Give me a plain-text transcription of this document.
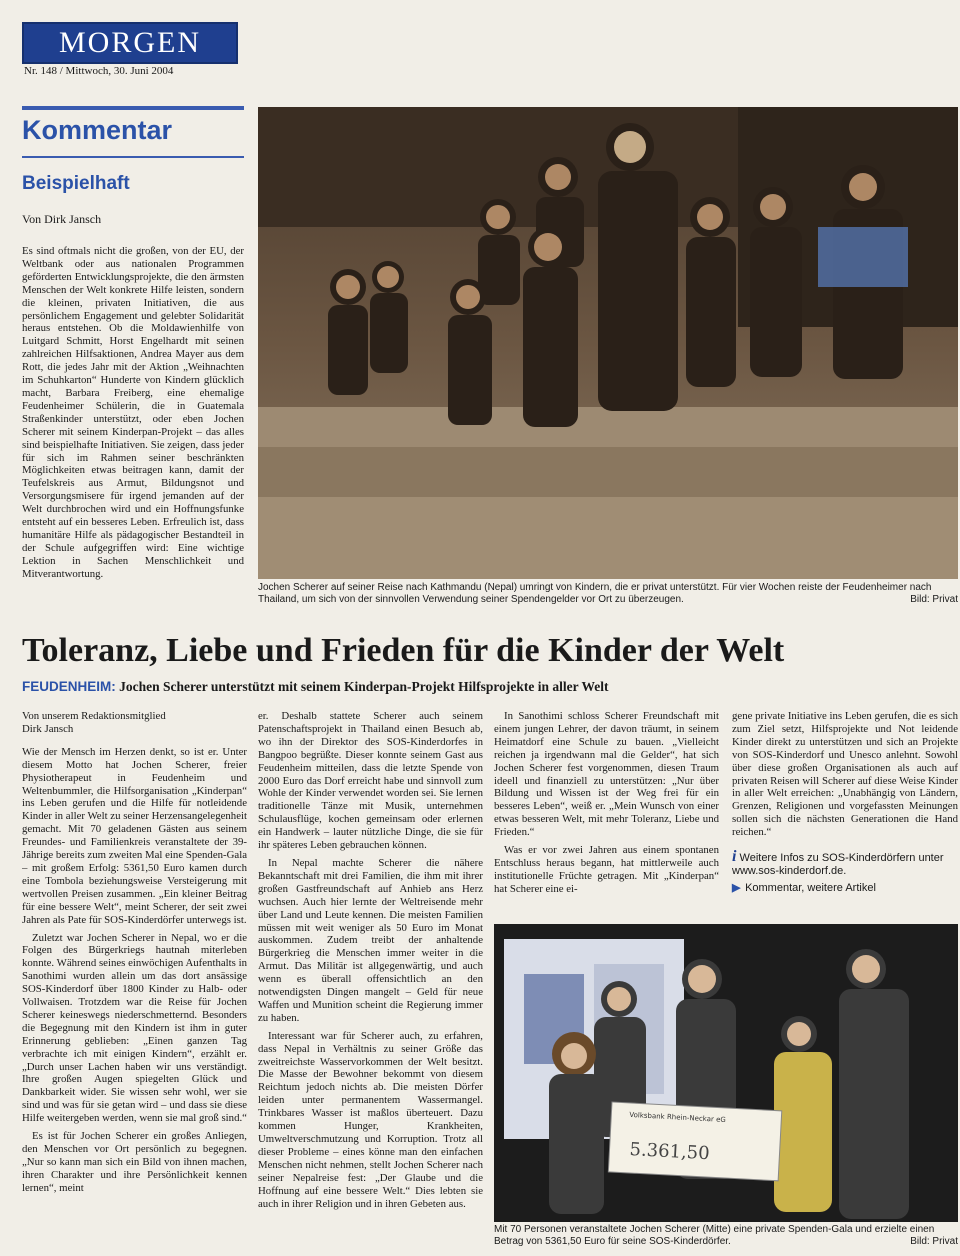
MORGEN
Nr. 148 / Mittwoch, 30. Juni 2004
Kommentar
Beispielhaft
Von Dirk Jansch

Es sind oftmals nicht die großen, von der EU, der Weltbank oder aus nationalen Programmen geförderten Entwicklungsprojekte, die den ärmsten Menschen der Welt konkrete Hilfe leisten, sondern die kleinen, privaten Initiativen, die aus persönlichem Engagement und gelebter Solidarität heraus entstehen. Ob die Moldawienhilfe von Luitgard Schmitt, Horst Engelhardt mit seinen zahlreichen Hilfsaktionen, Andrea Mayer aus dem Rott, die jedes Jahr mit der Aktion „Weihnachten im Schuhkarton“ Hunderte von Kindern glücklich macht, Barbara Freiberg, eine ehemalige Feudenheimer Schülerin, die in Guatemala Straßenkinder unterstützt, oder eben Jochen Scherer mit seinem Kinderpan-Projekt – das alles sind beispielhafte Initiativen. Sie zeigen, dass jeder für sich im Rahmen seiner beschränkten Möglichkeiten etwas beitragen kann, damit der Teufelskreis aus Armut, Bildungsnot und Versorgungsmisere für irgend jemanden auf der Welt durchbrochen wird und ein Hoffnungsfunke entsteht auf ein besseres Leben. Erfreulich ist, dass humanitäre Hilfe als pädagogischer Bestandteil in der Schule aufgegriffen wird: Eine wichtige Lektion in Sachen Menschlichkeit und Mitverantwortung.

Jochen Scherer auf seiner Reise nach Kathmandu (Nepal) umringt von Kindern, die er privat unterstützt. Für vier Wochen reiste der Feudenheimer nach Thailand, um sich von der sinnvollen Verwendung seiner Spendengelder vor Ort zu überzeugen.	Bild: Privat
Toleranz, Liebe und Frieden für die Kinder der Welt
FEUDENHEIM: Jochen Scherer unterstützt mit seinem Kinderpan-Projekt Hilfsprojekte in aller Welt
Von unserem Redaktionsmitglied
Dirk Jansch

Wie der Mensch im Herzen denkt, so ist er. Unter diesem Motto hat Jochen Scherer, freier Physiotherapeut in Feudenheim und Weltenbummler, die Hilfsorganisation „Kinderpan“ ins Leben gerufen und die Hilfe für notleidende Kinder in aller Welt zu seiner Herzensangelegenheit gemacht. Mit 70 geladenen Gästen aus seinem Freundes- und Familienkreis veranstaltete der 39-Jährige bereits zum zweiten Mal eine Spenden-Gala – mit großem Erfolg: 5361,50 Euro kamen durch eine Tombola beziehungsweise Versteigerung mit wertvollen Preisen zusammen. „Ein kleiner Beitrag für eine bessere Welt“, meint Scherer, der seit zwei Jahren als Pate für SOS-Kinderdörfer unterwegs ist.

Zuletzt war Jochen Scherer in Nepal, wo er die Folgen des Bürgerkriegs hautnah miterleben konnte. Während seines einwöchigen Aufenthalts in Sanothimi wurden allein um das dort ansässige SOS-Kinderdorf über 1800 Kinder zu Halb- oder Vollwaisen. Trotzdem war die Reise für Jochen Scherer keineswegs niederschmetternd. Besonders die Begegnung mit den Kindern ist ihm in guter Erinnerung geblieben: „Einen ganzen Tag verbrachte ich mit einigen Kindern“, erzählt er. „Durch unser Lachen haben wir uns verständigt. Ihre großen Augen spiegelten Glück und Dankbarkeit wider. Sie wissen sehr wohl, wer sie sind und was für sie getan wird – und dass sie diese Hilfe weitergeben werden, wenn sie mal groß sind.“

Es ist für Jochen Scherer ein großes Anliegen, den Menschen vor Ort persönlich zu begegnen. „Nur so kann man sich ein Bild von ihnen machen, ihren Charakter und ihre Persönlichkeit kennen lernen“, meint

er. Deshalb stattete Scherer auch seinem Patenschaftsprojekt in Thailand einen Besuch ab, wo ihn der Direktor des SOS-Kinderdorfes in Bangpoo begrüßte. Dieser konnte seinem Gast aus Feudenheim mitteilen, dass die letzte Spende von 2000 Euro das Dorf erreicht habe und sinnvoll zum Wohle der Kinder verwendet worden sei. Sie lernen traditionelle Tänze mit Musik, unternehmen Schulausflüge, kochen gemeinsam oder erlernen ein Handwerk – lauter nützliche Dinge, die sie für ihr späteres Leben gebrauchen können.

In Nepal machte Scherer die nähere Bekanntschaft mit drei Familien, die ihm mit ihrer großen Gastfreundschaft auf Anhieb ans Herz wuchsen. Auch hier lernte der Weltreisende mehr über Land und Leute kennen. Die meisten Familien müssen mit weit weniger als 50 Euro im Monat auskommen. Zudem treibt der anhaltende Bürgerkrieg die Menschen immer weiter in die Armut. Das Militär ist allgegenwärtig, und auch wenn es überall offensichtlich an den notwendigsten Dingen mangelt – Geld für neue Waffen und Munition scheint die Regierung immer zu haben.

Interessant war für Scherer auch, zu erfahren, dass Nepal in Verhältnis zu seiner Größe das zweitreichste Wasservorkommen der Welt besitzt. Die Masse der Bewohner bekommt von diesem Reichtum jedoch nichts ab. Die meisten Dörfer leiden unter permanentem Wassermangel. Trinkbares Wasser ist maßlos überteuert. Dazu kommen Hunger, Krankheiten, Umweltverschmutzung und Korruption. Trotz all dieser Probleme – eines könne man den einfachen Menschen nicht nehmen, stellt Jochen Scherer nach seiner Nepalreise fest: „Der Glaube und die Hoffnung auf eine bessere Welt.“ Dies lebten sie auch in ihrer Religion und in ihren Gebeten aus.

In Sanothimi schloss Scherer Freundschaft mit einem jungen Lehrer, der davon träumt, in seinem Heimatdorf eine Schule zu bauen. „Vielleicht reichen ja irgendwann mal die Gelder“, hat sich Jochen Scherer fest vorgenommen, diesen Traum ideell und finanziell zu unterstützen: „Nur über Bildung und Wissen ist der Weg frei für ein besseres Leben“, weiß er. „Mein Wunsch von einer etwas besseren Welt, mit mehr Toleranz, Liebe und Frieden.“

Was er vor zwei Jahren aus einem spontanen Entschluss heraus begann, hat mittlerweile auch institutionelle Früchte getragen. Mit „Kinderpan“ hat Scherer eine ei-

gene private Initiative ins Leben gerufen, die es sich zum Ziel setzt, Hilfsprojekte und Not leidende Kinder direkt zu unterstützen und sich an Projekte von SOS-Kinderdorf und Unesco anlehnt. Sowohl über diese großen Organisationen als auch auf privaten Reisen will Scherer auf diese Weise Kinder in aller Welt erreichen: „Unabhängig von Ländern, Grenzen, Religionen und vorgefassten Meinungen sollen sich die nächsten Generationen die Hand reichen.“

i Weitere Infos zu SOS-Kinderdörfern unter www.sos-kinderdorf.de.
▶ Kommentar, weitere Artikel
Volksbank Rhein-Neckar eG
5.361,50
Mit 70 Personen veranstaltete Jochen Scherer (Mitte) eine private Spenden-Gala und erzielte einen Betrag von 5361,50 Euro für seine SOS-Kinderdörfer.	Bild: Privat
